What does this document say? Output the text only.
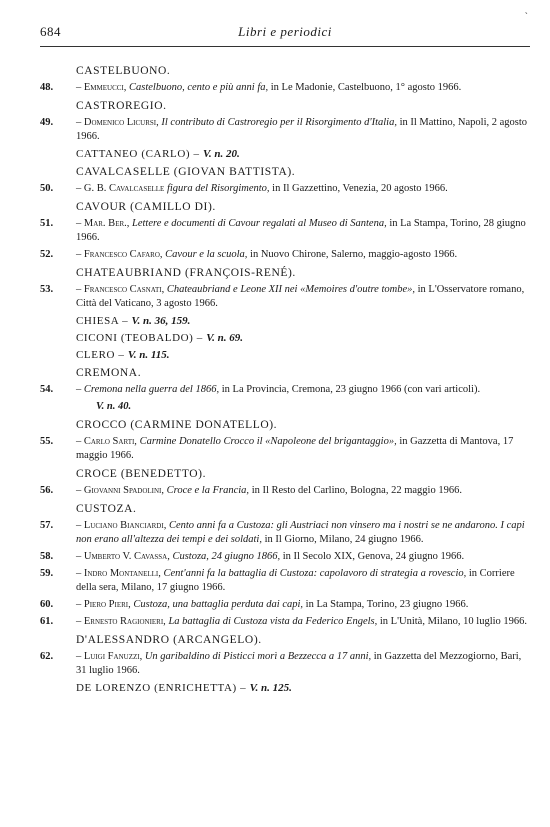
684	Libri e periodici
`
CASTELBUONO.
48.	– Emmeucci, Castelbuono, cento e più anni fa, in Le Madonie, Castelbuono, 1° agosto 1966.
CASTROREGIO.
49.	– Domenico Licursi, Il contributo di Castroregio per il Risorgimento d'Italia, in Il Mattino, Napoli, 2 agosto 1966.
CATTANEO (CARLO) – V. n. 20.
CAVALCASELLE (GIOVAN BATTISTA).
50.	– G. B. Cavalcaselle figura del Risorgimento, in Il Gazzettino, Venezia, 20 agosto 1966.
CAVOUR (CAMILLO DI).
51.	– Mar. Ber., Lettere e documenti di Cavour regalati al Museo di Santena, in La Stampa, Torino, 28 giugno 1966.
52.	– Francesco Cafaro, Cavour e la scuola, in Nuovo Chirone, Salerno, maggio-agosto 1966.
CHATEAUBRIAND (FRANÇOIS-RENÉ).
53.	– Francesco Casnati, Chateaubriand e Leone XII nei «Memoires d'outre tombe», in L'Osservatore romano, Città del Vaticano, 3 agosto 1966.
CHIESA – V. n. 36, 159.
CICONI (TEOBALDO) – V. n. 69.
CLERO – V. n. 115.
CREMONA.
54.	– Cremona nella guerra del 1866, in La Provincia, Cremona, 23 giugno 1966 (con vari articoli).
V. n. 40.
CROCCO (CARMINE DONATELLO).
55.	– Carlo Sarti, Carmine Donatello Crocco il «Napoleone del brigantaggio», in Gazzetta di Mantova, 17 maggio 1966.
CROCE (BENEDETTO).
56.	– Giovanni Spadolini, Croce e la Francia, in Il Resto del Carlino, Bologna, 22 maggio 1966.
CUSTOZA.
57.	– Luciano Bianciardi, Cento anni fa a Custoza: gli Austriaci non vinsero ma i nostri se ne andarono. I capi non erano all'altezza dei tempi e dei soldati, in Il Giorno, Milano, 24 giugno 1966.
58.	– Umberto V. Cavassa, Custoza, 24 giugno 1866, in Il Secolo XIX, Genova, 24 giugno 1966.
59.	– Indro Montanelli, Cent'anni fa la battaglia di Custoza: capolavoro di strategia a rovescio, in Corriere della sera, Milano, 17 giugno 1966.
60.	– Piero Pieri, Custoza, una battaglia perduta dai capi, in La Stampa, Torino, 23 giugno 1966.
61.	– Ernesto Ragionieri, La battaglia di Custoza vista da Federico Engels, in L'Unità, Milano, 10 luglio 1966.
D'ALESSANDRO (ARCANGELO).
62.	– Luigi Fanuzzi, Un garibaldino di Pisticci morì a Bezzecca a 17 anni, in Gazzetta del Mezzogiorno, Bari, 31 luglio 1966.
DE LORENZO (ENRICHETTA) – V. n. 125.
